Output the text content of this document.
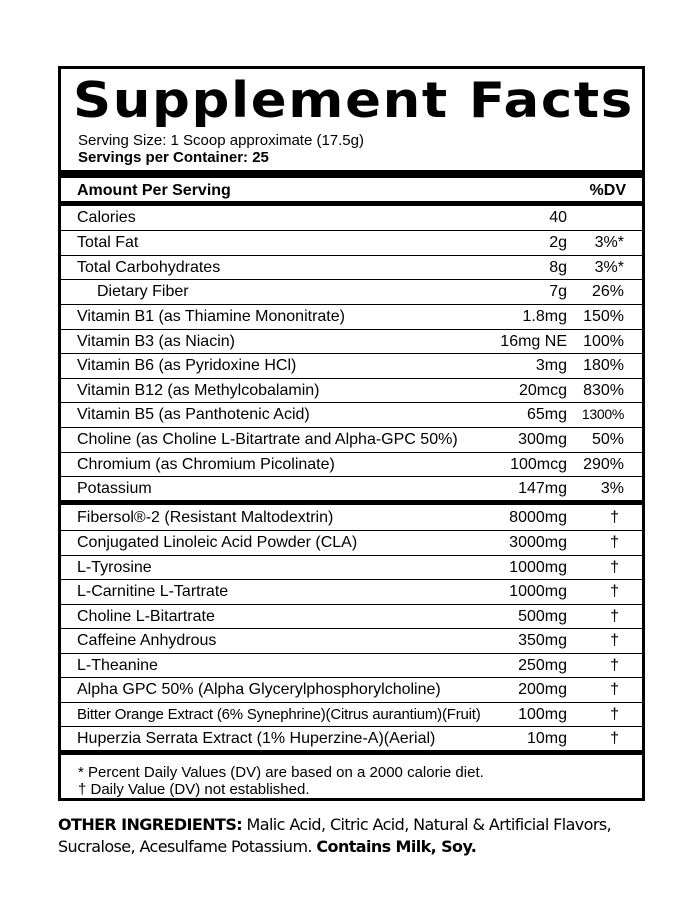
Supplement Facts
Serving Size: 1 Scoop approximate (17.5g)
Servings per Container: 25
Amount Per Serving	%DV
Calories	40
Total Fat	2g 3%*
Total Carbohydrates	8g 3%*
Dietary Fiber	7g 26%
Vitamin B1 (as Thiamine Mononitrate)	1.8mg 150%
Vitamin B3 (as Niacin)	16mg NE 100%
Vitamin B6 (as Pyridoxine HCl)	3mg 180%
Vitamin B12 (as Methylcobalamin)	20mcg 830%
Vitamin B5 (as Panthotenic Acid)	65mg 1300%
Choline (as Choline L-Bitartrate and Alpha-GPC 50%)	300mg 50%
Chromium (as Chromium Picolinate)	100mcg 290%
Potassium	147mg 3%
Fibersol®-2 (Resistant Maltodextrin)	8000mg	†
Conjugated Linoleic Acid Powder (CLA)	3000mg	†
L-Tyrosine	1000mg	†
L-Carnitine L-Tartrate	1000mg	†
Choline L-Bitartrate	500mg	†
Caffeine Anhydrous	350mg	†
L-Theanine	250mg	†
Alpha GPC 50% (Alpha Glycerylphosphorylcholine)	200mg	†
Bitter Orange Extract (6% Synephrine)(Citrus aurantium)(Fruit) 100mg	†
Huperzia Serrata Extract (1% Huperzine-A)(Aerial)	10mg	†
* Percent Daily Values (DV) are based on a 2000 calorie diet.
† Daily Value (DV) not established.
OTHER INGREDIENTS: Malic Acid, Citric Acid, Natural & Artificial Flavors, Sucralose, Acesulfame Potassium. Contains Milk, Soy.
